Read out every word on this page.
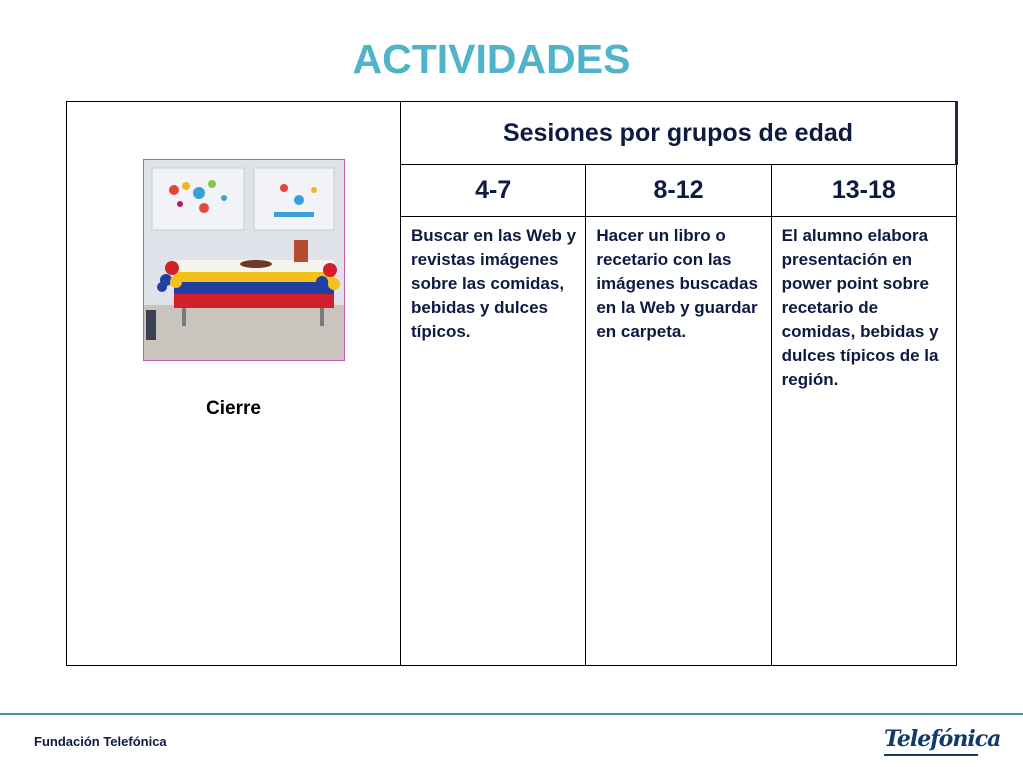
ACTIVIDADES
Cierre	Sesiones por grupos de edad		
	4-7	8-12	13-18
	Buscar en las Web y revistas imágenes sobre las comidas, bebidas y dulces típicos.	Hacer un libro o recetario con las imágenes buscadas en la Web y guardar en carpeta.	El alumno elabora presentación en power point sobre recetario de comidas, bebidas y dulces típicos de la región.
Fundación Telefónica	Telefónica
